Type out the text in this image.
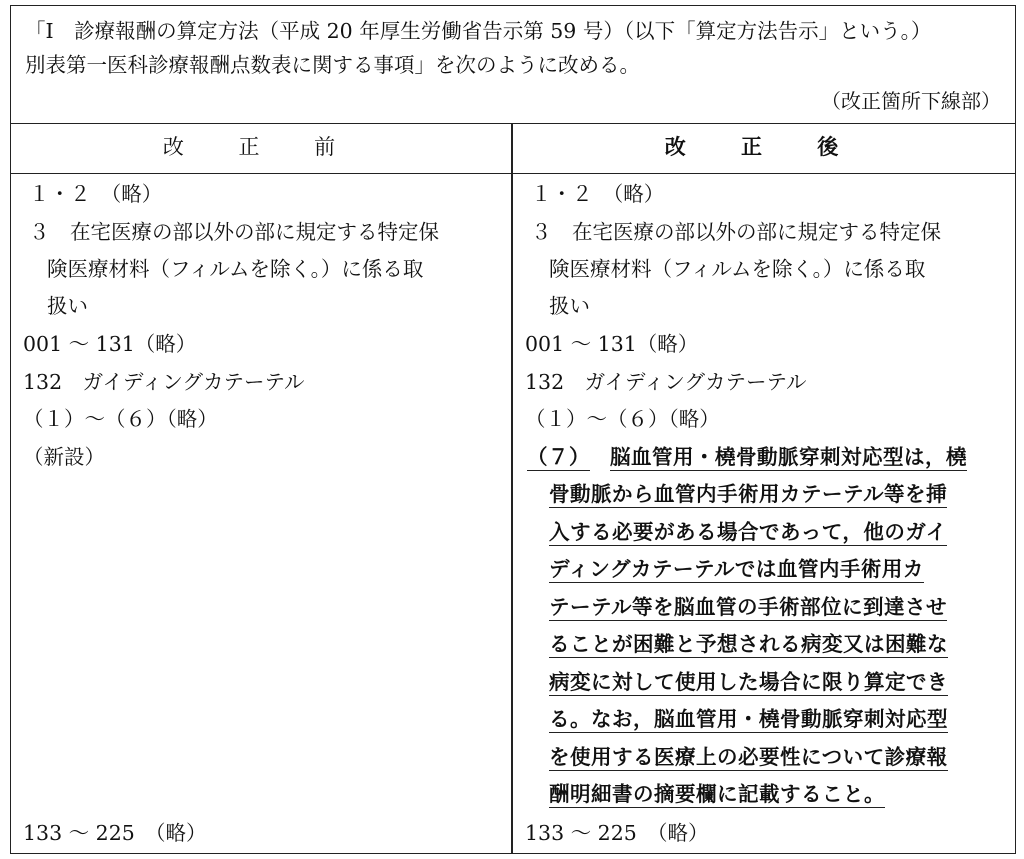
「Ⅰ　診療報酬の算定方法（平成 20 年厚生労働省告示第 59 号）（以下「算定方法告示」という。）
別表第一医科診療報酬点数表に関する事項」を次のように改める。
（改正箇所下線部）
改 正 前	改 正 後
１・２　（略）
３　在宅医療の部以外の部に規定する特定保
険医療材料（フィルムを除く。）に係る取
扱い
001 ～ 131（略）
132　ガイディングカテーテル
（１）～（６）（略）
（新設）
133 ～ 225　（略）
１・２　（略）
３　在宅医療の部以外の部に規定する特定保
険医療材料（フィルムを除く。）に係る取
扱い
001 ～ 131（略）
132　ガイディングカテーテル
（１）～（６）（略）
（７） 脳血管用・橈骨動脈穿刺対応型は，橈
骨動脈から血管内手術用カテーテル等を挿
入する必要がある場合であって，他のガイ
ディングカテーテルでは血管内手術用カ
テーテル等を脳血管の手術部位に到達させ
ることが困難と予想される病変又は困難な
病変に対して使用した場合に限り算定でき
る。なお，脳血管用・橈骨動脈穿刺対応型
を使用する医療上の必要性について診療報
酬明細書の摘要欄に記載すること。
133 ～ 225　（略）
